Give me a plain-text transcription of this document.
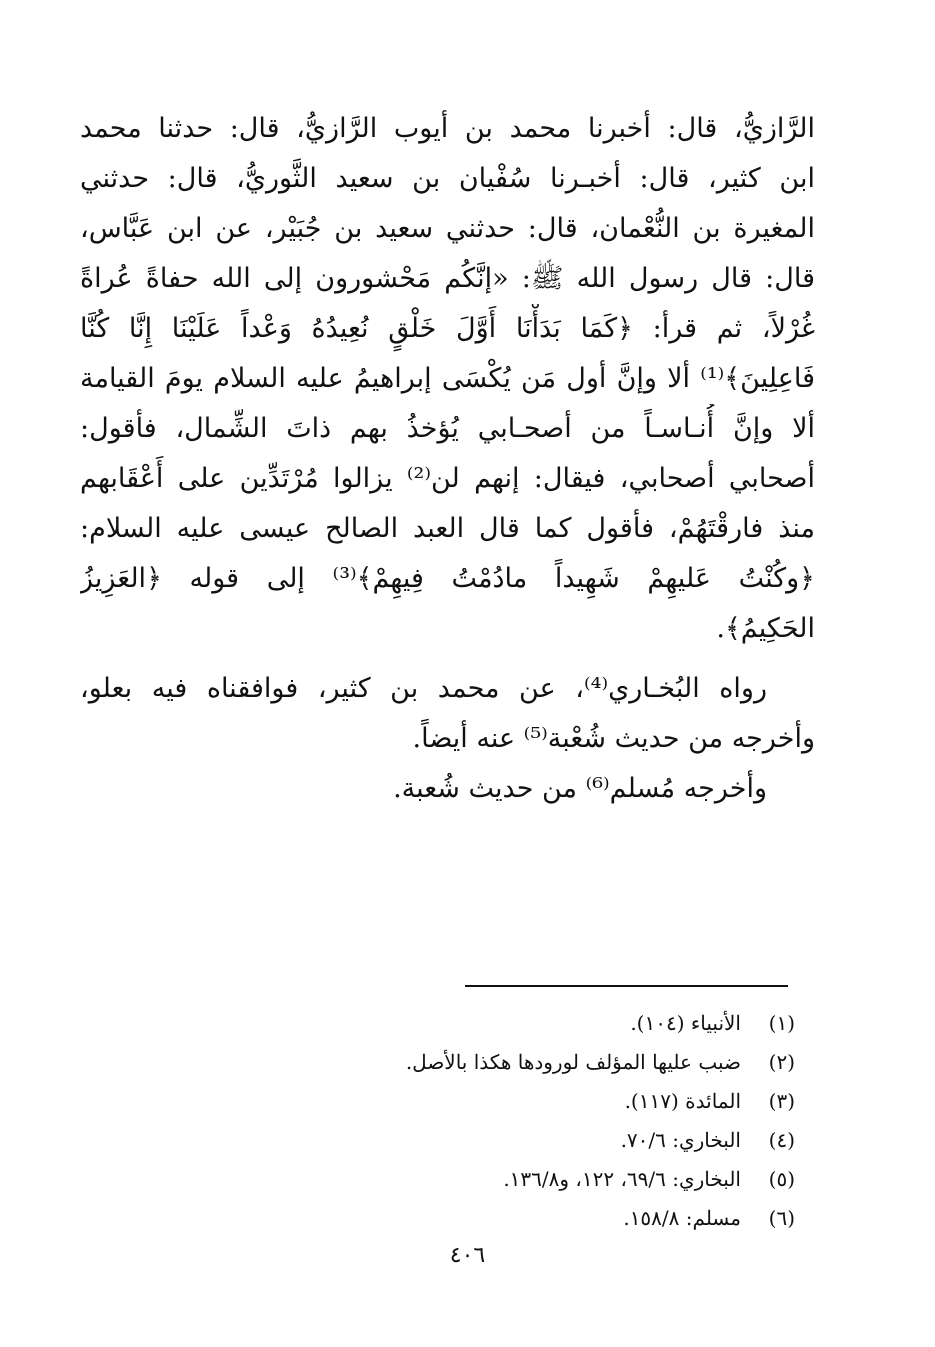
الرَّازيُّ، قال: أخبرنا محمد بن أيوب الرَّازيُّ، قال: حدثنا محمد
ابن كثير، قال: أخبـرنا سُفْيان بن سعيد الثَّوريُّ، قال: حدثني
المغيرة بن النُّعْمان، قال: حدثني سعيد بن جُبَيْر، عن ابن عَبَّاس،
قال: قال رسول الله ﷺ: «إنَّكُم مَحْشورون إلى الله حفاةً عُراةً
غُرْلاً، ثم قرأ: ﴿كَمَا بَدَأْنَا أَوَّلَ خَلْقٍ نُعِيدُهُ وَعْداً عَلَيْنَا إِنَّا كُنَّا
فَاعِلِينَ﴾⁽¹⁾ ألا وإنَّ أول مَن يُكْسَى إبراهيمُ عليه السلام يومَ القيامة
ألا وإنَّ أُنـاسـاً من أصحـابي يُؤخذُ بهم ذاتَ الشِّمال، فأقول:
أصحابي أصحابي، فيقال: إنهم لن⁽²⁾ يزالوا مُرْتَدِّين على أَعْقَابهم
منذ فارقْتَهُمْ، فأقول كما قال العبد الصالح عيسى عليه السلام:
﴿وكُنْتُ عَليهِمْ شَهِيداً مادُمْتُ فِيهِمْ﴾⁽³⁾ إلى قوله ﴿العَزِيزُ
الحَكِيمُ﴾.
رواه البُخـاري⁽⁴⁾، عن محمد بن كثير، فوافقناه فيه بعلو،
وأخرجه من حديث شُعْبة⁽⁵⁾ عنه أيضاً.
وأخرجه مُسلم⁽⁶⁾ من حديث شُعبة.
(١)
الأنبياء (١٠٤).
(٢)
ضبب عليها المؤلف لورودها هكذا بالأصل.
(٣)
المائدة (١١٧).
(٤)
البخاري: ٧٠/٦.
(٥)
البخاري: ٦٩/٦، ١٢٢، و١٣٦/٨.
(٦)
مسلم: ١٥٨/٨.
٤٠٦
